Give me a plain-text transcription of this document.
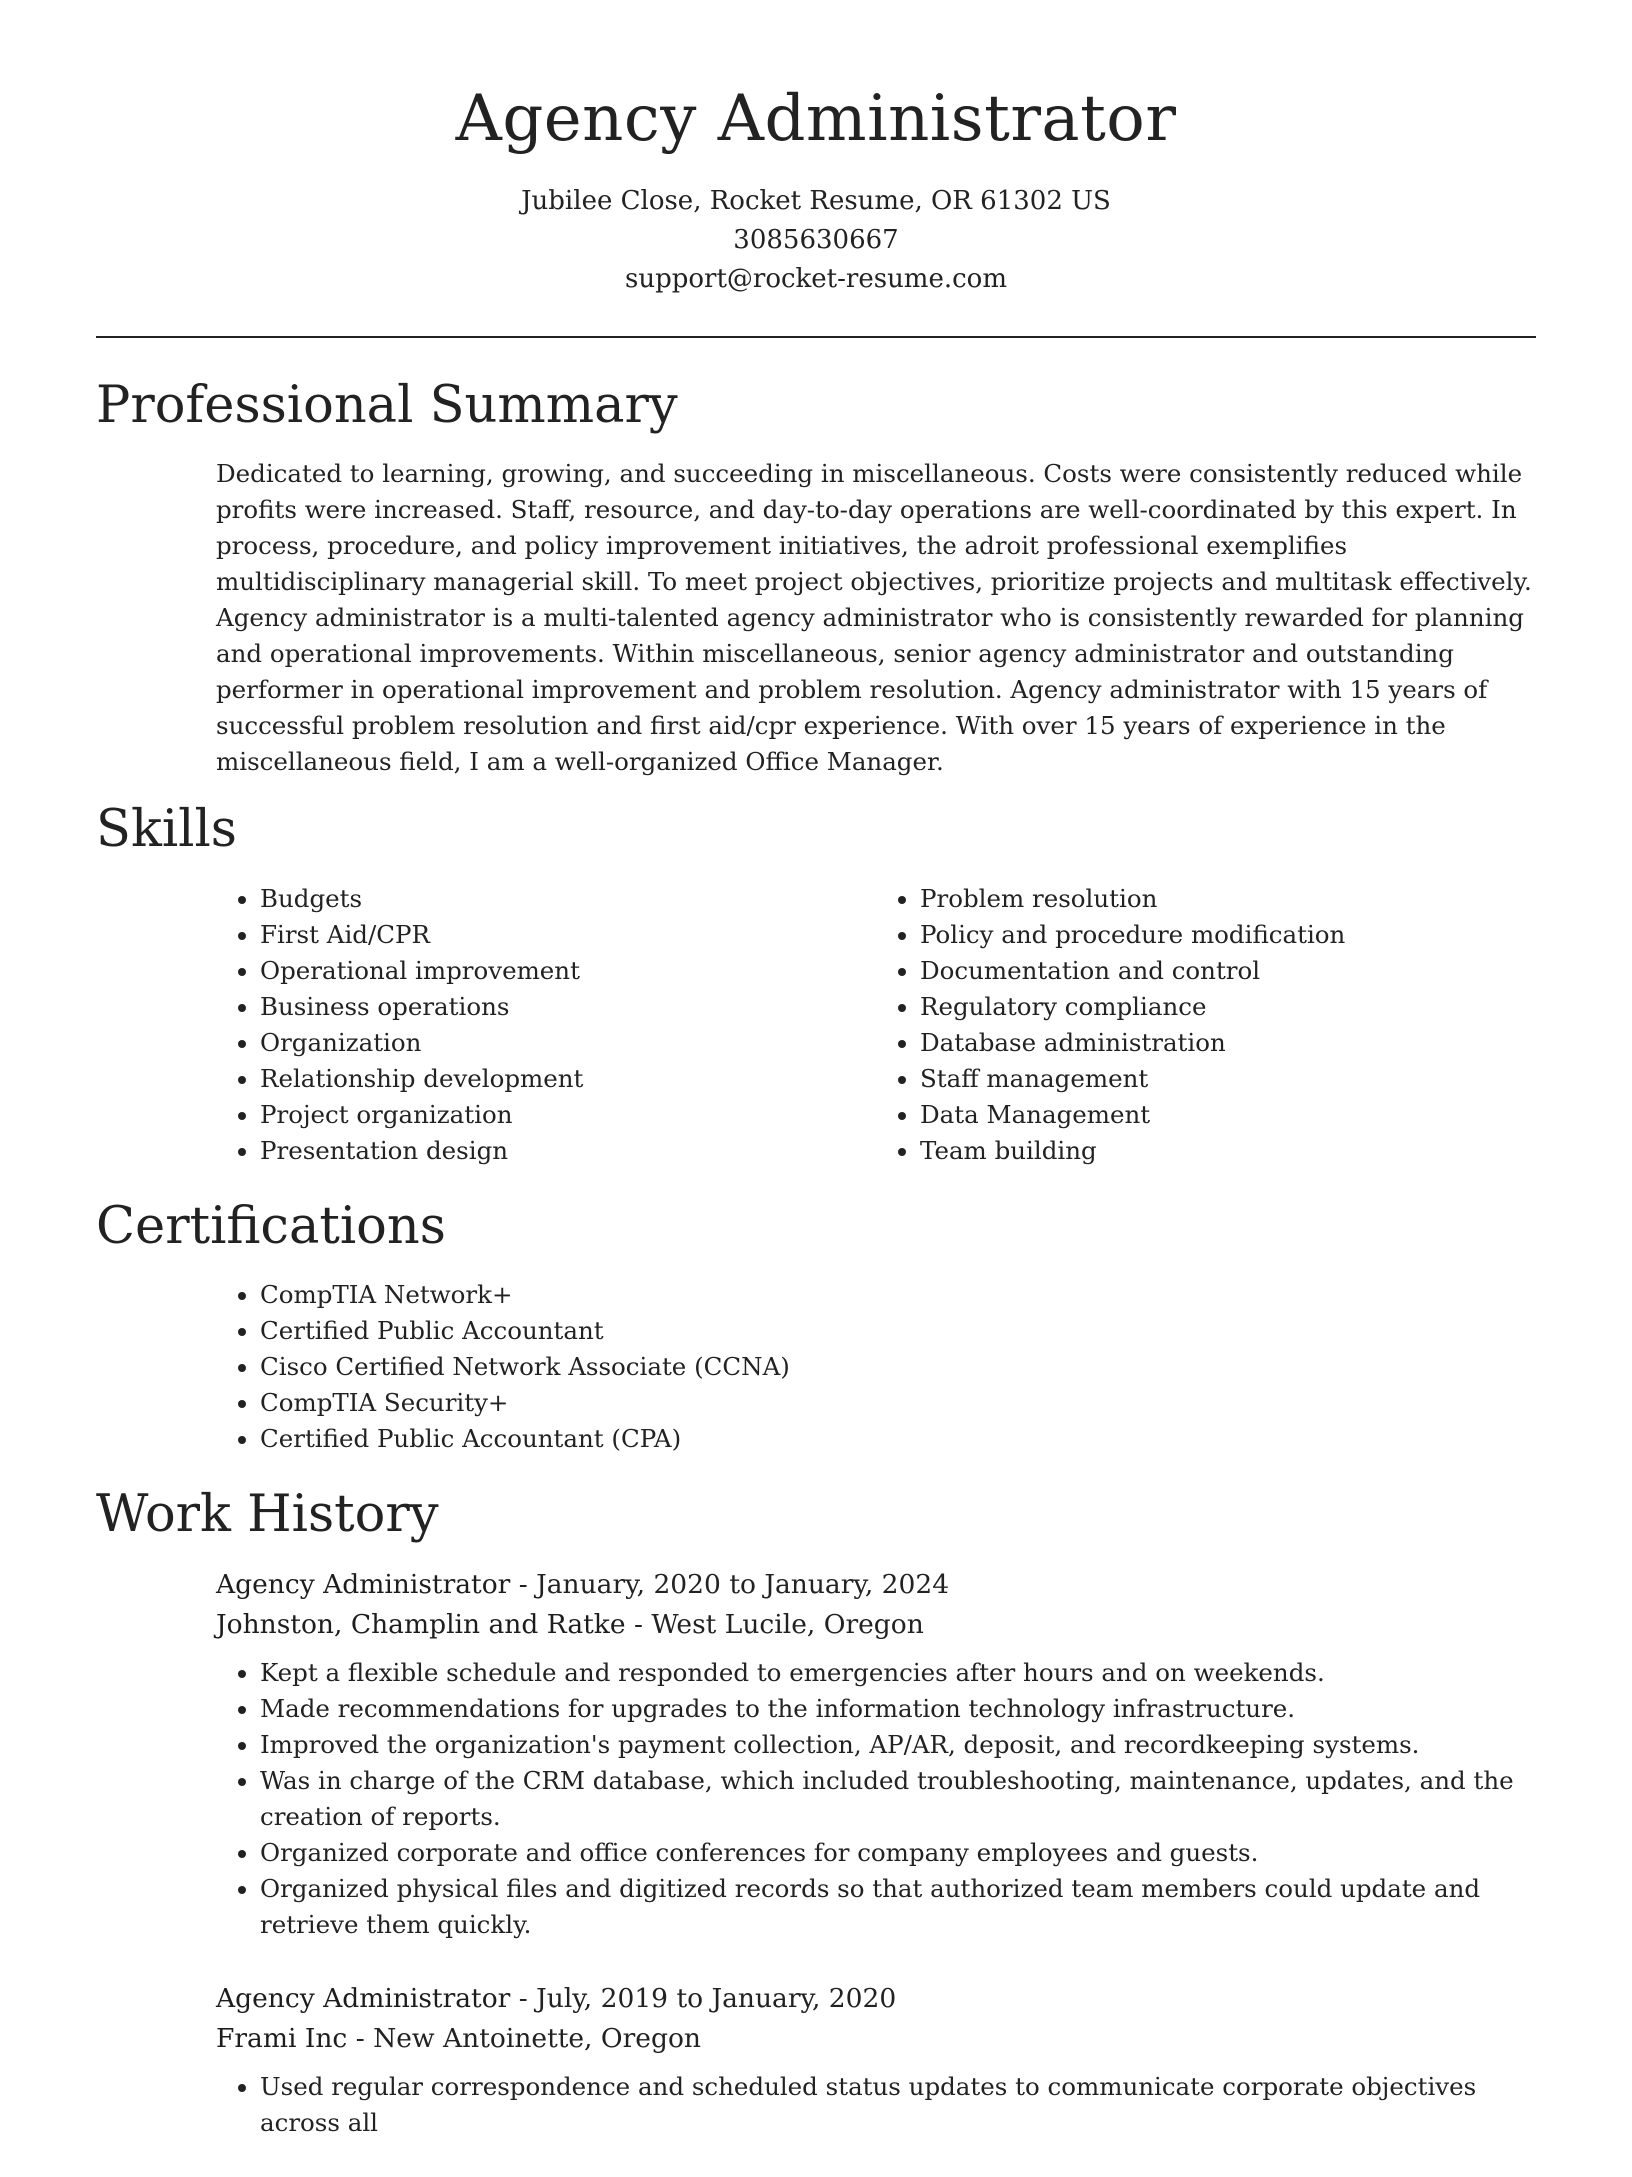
Agency Administrator

Jubilee Close, Rocket Resume, OR 61302 US

3085630667

support@rocket-resume.com

Professional Summary

Dedicated to learning, growing, and succeeding in miscellaneous. Costs were consistently reduced while profits were increased. Staff, resource, and day-to-day operations are well-coordinated by this expert. In process, procedure, and policy improvement initiatives, the adroit professional exemplifies multidisciplinary managerial skill. To meet project objectives, prioritize projects and multitask effectively. Agency administrator is a multi-talented agency administrator who is consistently rewarded for planning and operational improvements. Within miscellaneous, senior agency administrator and outstanding performer in operational improvement and problem resolution. Agency administrator with 15 years of successful problem resolution and first aid/cpr experience. With over 15 years of experience in the miscellaneous field, I am a well-organized Office Manager.

Skills
• Budgets
• First Aid/CPR
• Operational improvement
• Business operations
• Organization
• Relationship development
• Project organization
• Presentation design
• Problem resolution
• Policy and procedure modification
• Documentation and control
• Regulatory compliance
• Database administration
• Staff management
• Data Management
• Team building
Certifications
• CompTIA Network+
• Certified Public Accountant
• Cisco Certified Network Associate (CCNA)
• CompTIA Security+
• Certified Public Accountant (CPA)
Work History

Agency Administrator - January, 2020 to January, 2024

Johnston, Champlin and Ratke - West Lucile, Oregon

• Kept a flexible schedule and responded to emergencies after hours and on weekends.
• Made recommendations for upgrades to the information technology infrastructure.
• Improved the organization's payment collection, AP/AR, deposit, and recordkeeping systems.
• Was in charge of the CRM database, which included troubleshooting, maintenance, updates, and the creation of reports.
• Organized corporate and office conferences for company employees and guests.
• Organized physical files and digitized records so that authorized team members could update and retrieve them quickly.

Agency Administrator - July, 2019 to January, 2020

Frami Inc - New Antoinette, Oregon

• Used regular correspondence and scheduled status updates to communicate corporate objectives across all
